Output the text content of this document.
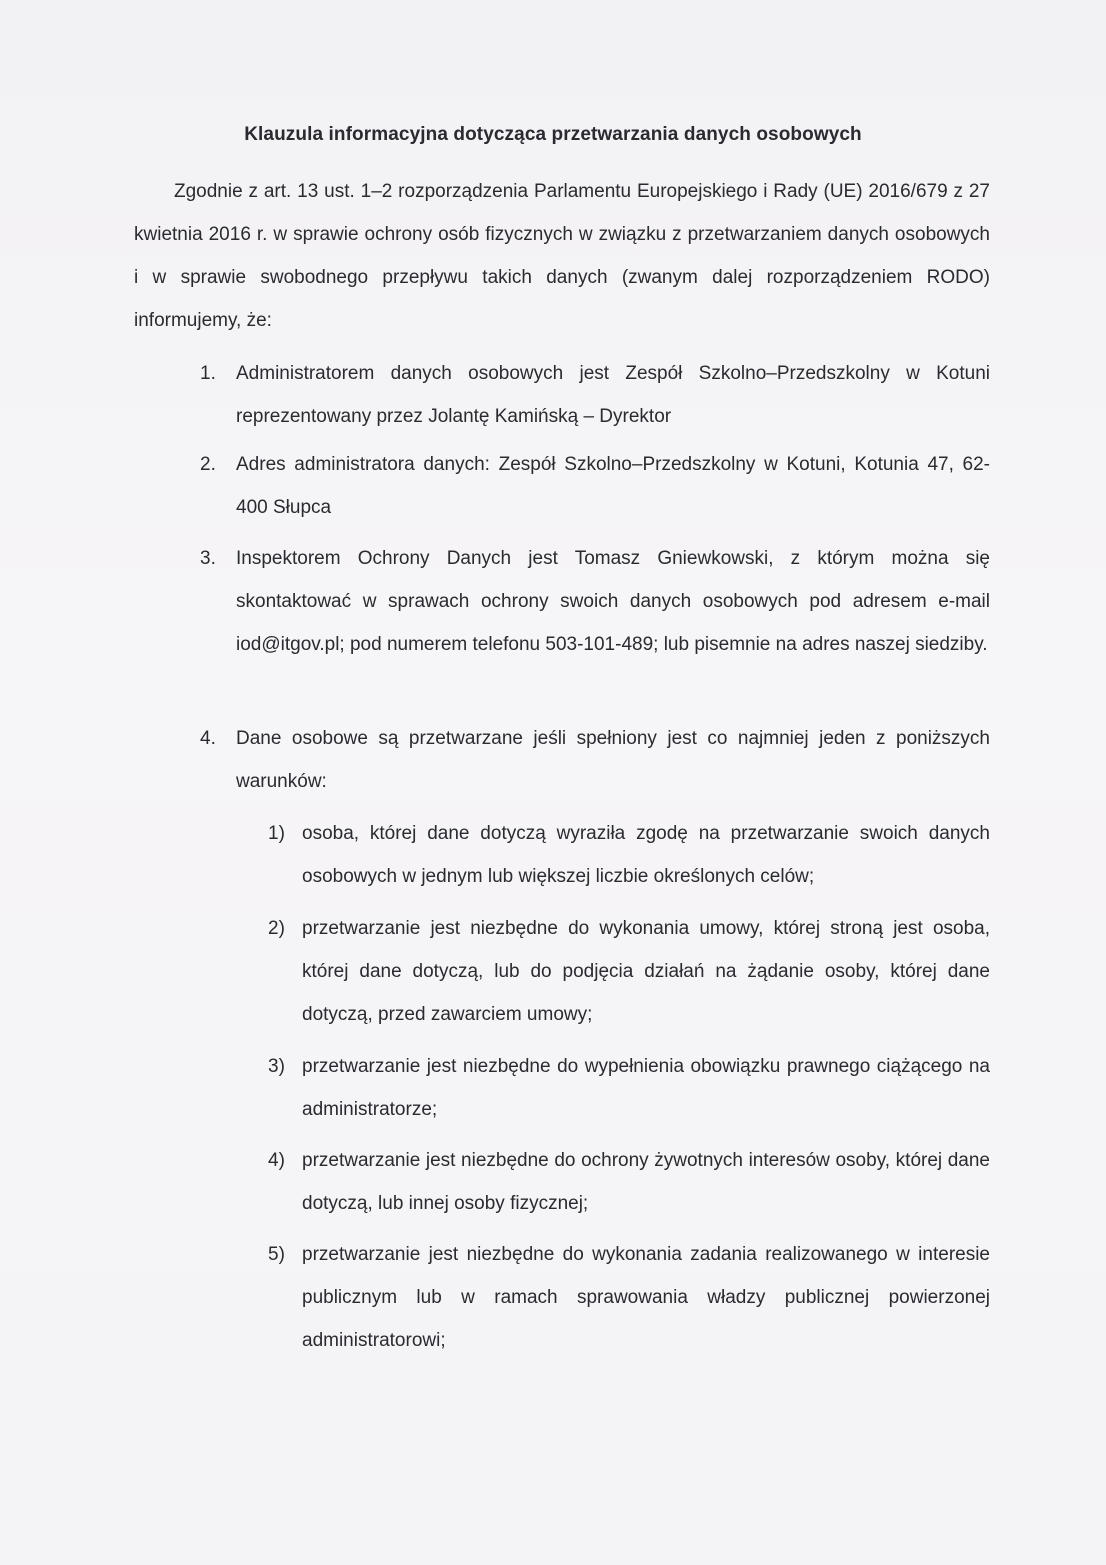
Klauzula informacyjna dotycząca przetwarzania danych osobowych

Zgodnie z art. 13 ust. 1–2 rozporządzenia Parlamentu Europejskiego i Rady (UE) 2016/679 z 27 kwietnia 2016 r. w sprawie ochrony osób fizycznych w związku z przetwarzaniem danych osobowych i w sprawie swobodnego przepływu takich danych (zwanym dalej rozporządzeniem RODO) informujemy, że:

1.	Administratorem danych osobowych jest Zespół Szkolno–Przedszkolny w Kotuni reprezentowany przez Jolantę Kamińską – Dyrektor
2.	Adres administratora danych: Zespół Szkolno–Przedszkolny w Kotuni, Kotunia 47, 62-400 Słupca
3.	Inspektorem Ochrony Danych jest Tomasz Gniewkowski, z którym można się skontaktować w sprawach ochrony swoich danych osobowych pod adresem e-mail iod@itgov.pl; pod numerem telefonu 503-101-489; lub pisemnie na adres naszej siedziby.
4.	Dane osobowe są przetwarzane jeśli spełniony jest co najmniej jeden z poniższych warunków:
1) osoba, której dane dotyczą wyraziła zgodę na przetwarzanie swoich danych osobowych w jednym lub większej liczbie określonych celów;
2) przetwarzanie jest niezbędne do wykonania umowy, której stroną jest osoba, której dane dotyczą, lub do podjęcia działań na żądanie osoby, której dane dotyczą, przed zawarciem umowy;
3) przetwarzanie jest niezbędne do wypełnienia obowiązku prawnego ciążącego na administratorze;
4) przetwarzanie jest niezbędne do ochrony żywotnych interesów osoby, której dane dotyczą, lub innej osoby fizycznej;
5) przetwarzanie jest niezbędne do wykonania zadania realizowanego w interesie publicznym lub w ramach sprawowania władzy publicznej powierzonej administratorowi;
